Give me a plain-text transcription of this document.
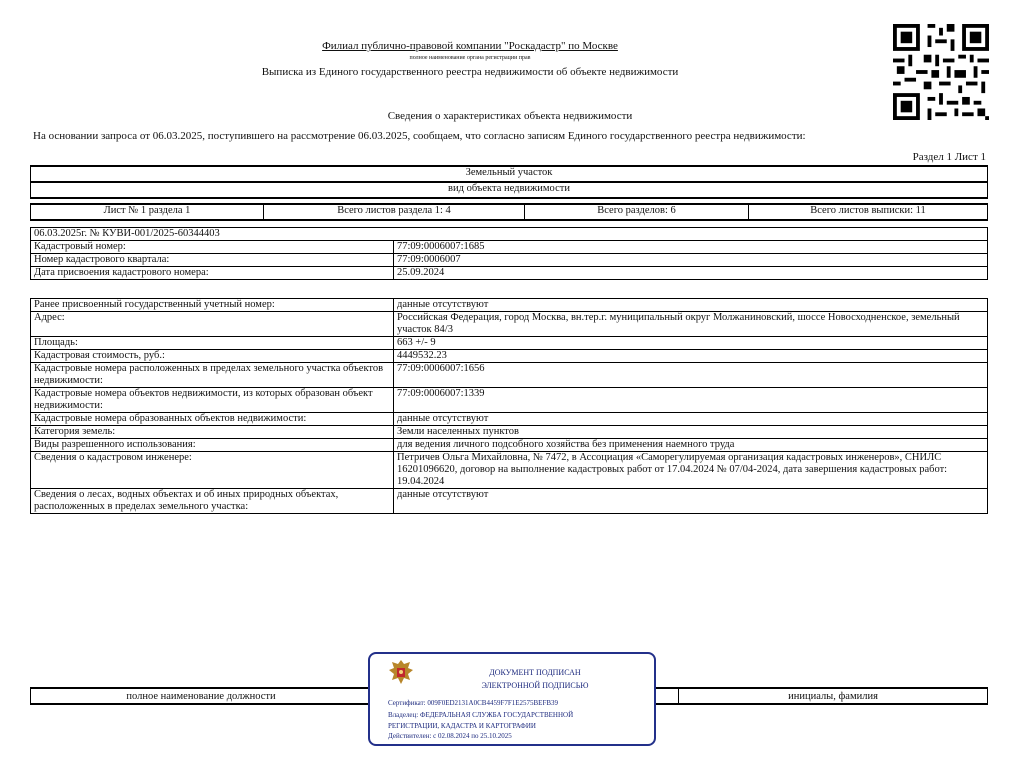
Филиал публично-правовой компании "Роскадастр" по Москве
полное наименование органа регистрации прав
Выписка из Единого государственного реестра недвижимости об объекте недвижимости
Сведения о характеристиках объекта недвижимости
На основании запроса от 06.03.2025, поступившего на рассмотрение 06.03.2025, сообщаем, что согласно записям Единого государственного реестра недвижимости:
Раздел 1 Лист 1
Земельный участок
вид объекта недвижимости
Лист № 1 раздела 1	Всего листов раздела 1: 4	Всего разделов: 6	Всего листов выписки: 11
06.03.2025г. № КУВИ-001/2025-60344403	
Кадастровый номер:	77:09:0006007:1685
Номер кадастрового квартала:	77:09:0006007
Дата присвоения кадастрового номера:	25.09.2024
Ранее присвоенный государственный учетный номер:	данные отсутствуют
Адрес:	Российская Федерация, город Москва, вн.тер.г. муниципальный округ Молжаниновский, шоссе Новосходненское, земельный участок 84/3
Площадь:	663 +/- 9
Кадастровая стоимость, руб.:	4449532.23
Кадастровые номера расположенных в пределах земельного участка объектов недвижимости:	77:09:0006007:1656
Кадастровые номера объектов недвижимости, из которых образован объект недвижимости:	77:09:0006007:1339
Кадастровые номера образованных объектов недвижимости:	данные отсутствуют
Категория земель:	Земли населенных пунктов
Виды разрешенного использования:	для ведения личного подсобного хозяйства без применения наемного труда
Сведения о кадастровом инженере:	Петричев Ольга Михайловна, № 7472, в Ассоциация «Саморегулируемая организация кадастровых инженеров», СНИЛС 16201096620, договор на выполнение кадастровых работ от 17.04.2024 № 07/04-2024, дата завершения кадастровых работ: 19.04.2024
Сведения о лесах, водных объектах и об иных природных объектах, расположенных в пределах земельного участка:	данные отсутствуют
полное наименование должности		инициалы, фамилия
ДОКУМЕНТ ПОДПИСАН
ЭЛЕКТРОННОЙ ПОДПИСЬЮ
Сертификат: 009F0ED2131A0CB4459F7F1E2575BEFB39
Владелец: ФЕДЕРАЛЬНАЯ СЛУЖБА ГОСУДАРСТВЕННОЙ
РЕГИСТРАЦИИ, КАДАСТРА И КАРТОГРАФИИ
Действителен: с 02.08.2024 по 25.10.2025
